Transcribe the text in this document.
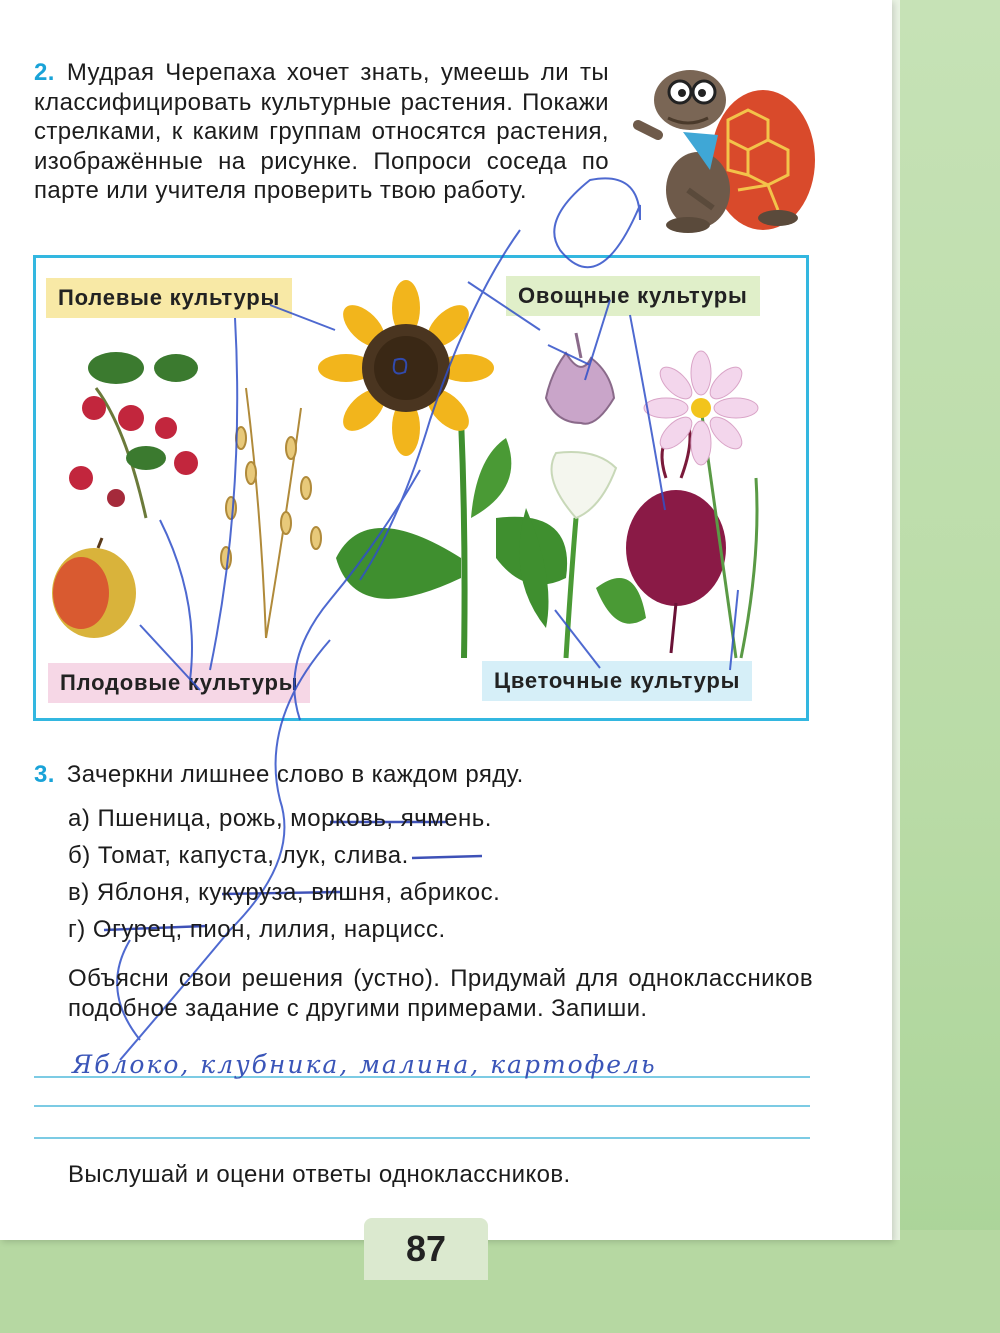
2. Мудрая Черепаха хочет знать, умеешь ли ты классифицировать культурные растения. Покажи стрелками, к каким группам относятся растения, изображённые на рисунке. Попроси соседа по парте или учителя проверить твою работу.
Полевые культуры	Овощные культуры
Плодовые культуры	Цветочные культуры
3. Зачеркни лишнее слово в каждом ряду.
а) Пшеница, рожь, морковь, ячмень.
б) Томат, капуста, лук, слива.
в) Яблоня, кукуруза, вишня, абрикос.
г) Огурец, пион, лилия, нарцисс.
Объясни свои решения (устно). Придумай для одноклассников подобное задание с другими примерами. Запиши.
Яблоко, клубника, малина, картофель
Выслушай и оцени ответы одноклассников.
87
